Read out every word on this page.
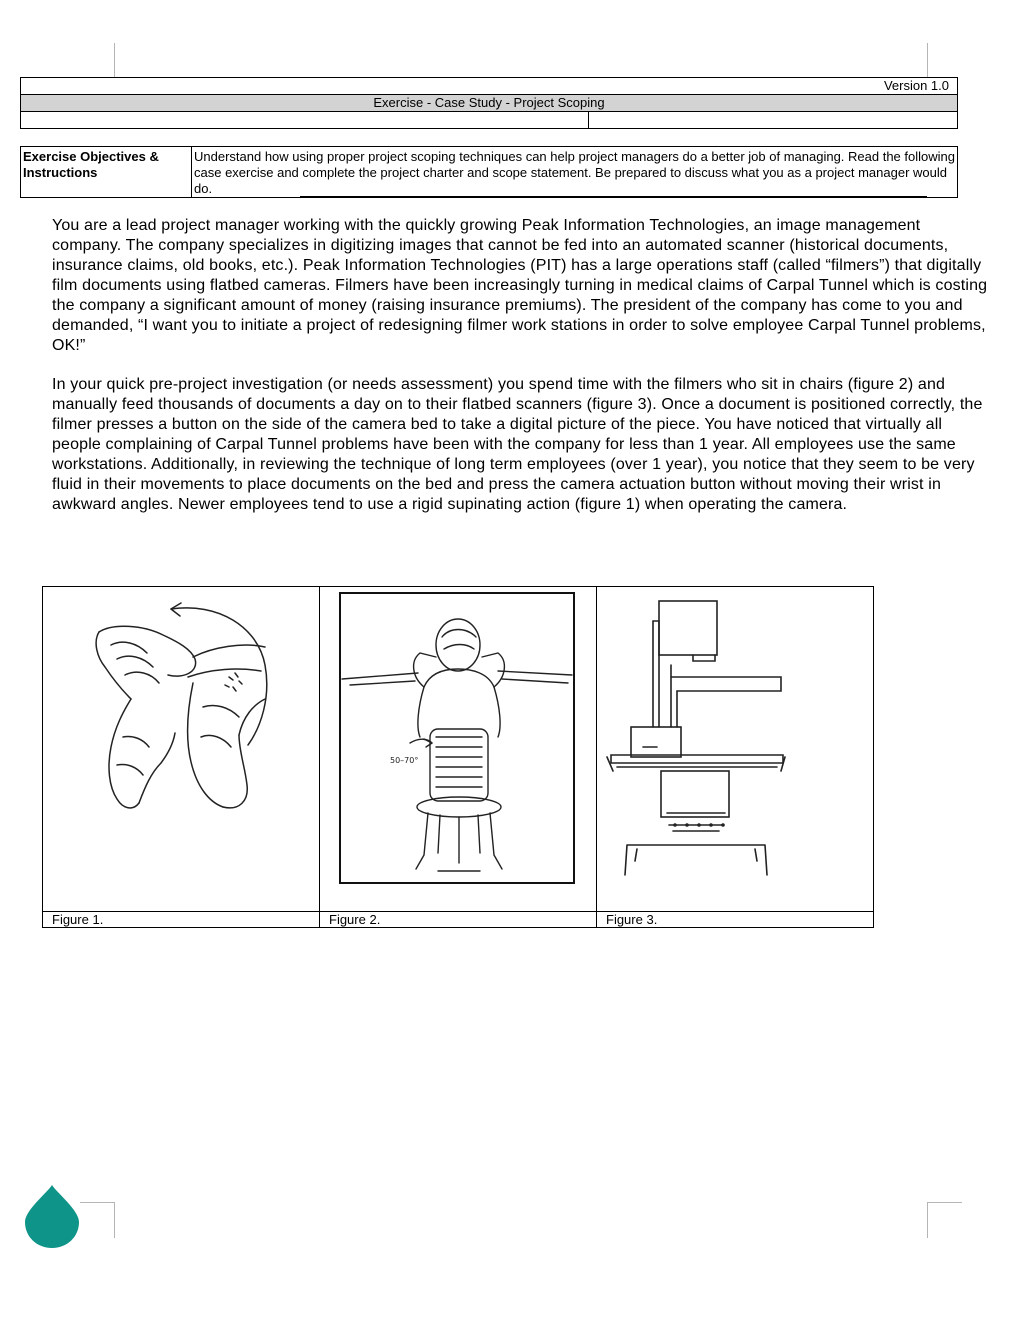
Version 1.0
Exercise - Case Study - Project Scoping

Exercise Objectives & Instructions	Understand how using proper project scoping techniques can help project managers do a better job of managing. Read the following case exercise and complete the project charter and scope statement. Be prepared to discuss what you as a project manager would do.

You are a lead project manager working with the quickly growing Peak Information Technologies, an image management company. The company specializes in digitizing images that cannot be fed into an automated scanner (historical documents, insurance claims, old books, etc.). Peak Information Technologies (PIT) has a large operations staff (called “filmers”) that digitally film documents using flatbed cameras. Filmers have been increasingly turning in medical claims of Carpal Tunnel which is costing the company a significant amount of money (raising insurance premiums). The president of the company has come to you and demanded, “I want you to initiate a project of redesigning filmer work stations in order to solve employee Carpal Tunnel problems, OK!”

In your quick pre-project investigation (or needs assessment) you spend time with the filmers who sit in chairs (figure 2) and manually feed thousands of documents a day on to their flatbed scanners (figure 3). Once a document is positioned correctly, the filmer presses a button on the side of the camera bed to take a digital picture of the piece. You have noticed that virtually all people complaining of Carpal Tunnel problems have been with the company for less than 1 year. All employees use the same workstations. Additionally, in reviewing the technique of long term employees (over 1 year), you notice that they seem to be very fluid in their movements to place documents on the bed and press the camera actuation button without moving their wrist in awkward angles. Newer employees tend to use a rigid supinating action (figure 1) when operating the camera.

50–70°

Figure 1.	Figure 2.	Figure 3.
